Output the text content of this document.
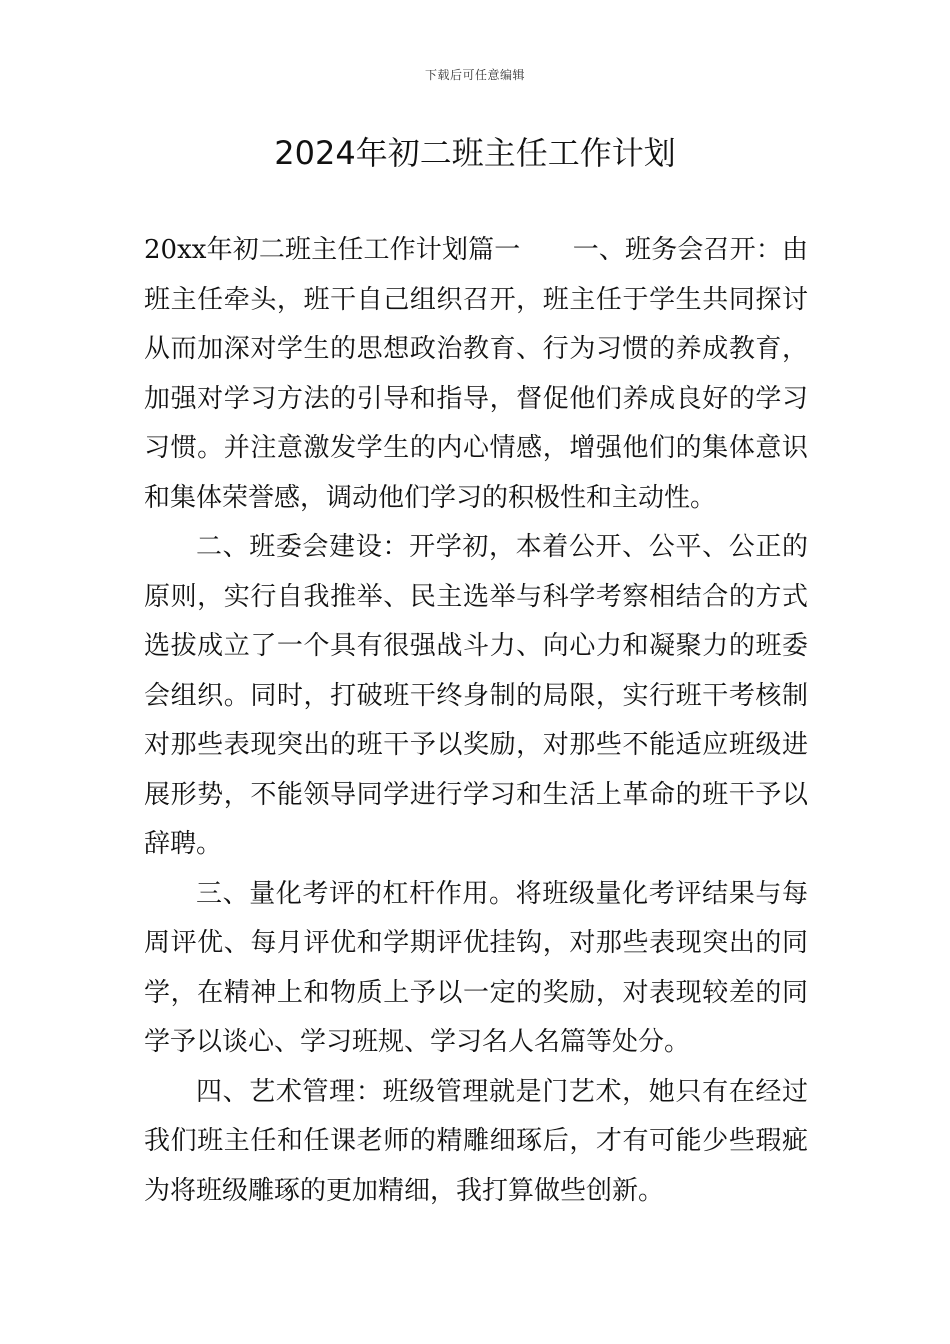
下载后可任意编辑
2024年初二班主任工作计划

20xx年初二班主任工作计划篇一　　一、班务会召开：由班主任牵头，班干自己组织召开，班主任于学生共同探讨从而加深对学生的思想政治教育、行为习惯的养成教育，加强对学习方法的引导和指导，督促他们养成良好的学习习惯。并注意激发学生的内心情感，增强他们的集体意识和集体荣誉感，调动他们学习的积极性和主动性。

二、班委会建设：开学初，本着公开、公平、公正的原则，实行自我推举、民主选举与科学考察相结合的方式选拔成立了一个具有很强战斗力、向心力和凝聚力的班委会组织。同时，打破班干终身制的局限，实行班干考核制对那些表现突出的班干予以奖励，对那些不能适应班级进展形势，不能领导同学进行学习和生活上革命的班干予以辞聘。

三、量化考评的杠杆作用。将班级量化考评结果与每周评优、每月评优和学期评优挂钩，对那些表现突出的同学，在精神上和物质上予以一定的奖励，对表现较差的同学予以谈心、学习班规、学习名人名篇等处分。

四、艺术管理：班级管理就是门艺术，她只有在经过我们班主任和任课老师的精雕细琢后，才有可能少些瑕疵为将班级雕琢的更加精细，我打算做些创新。
